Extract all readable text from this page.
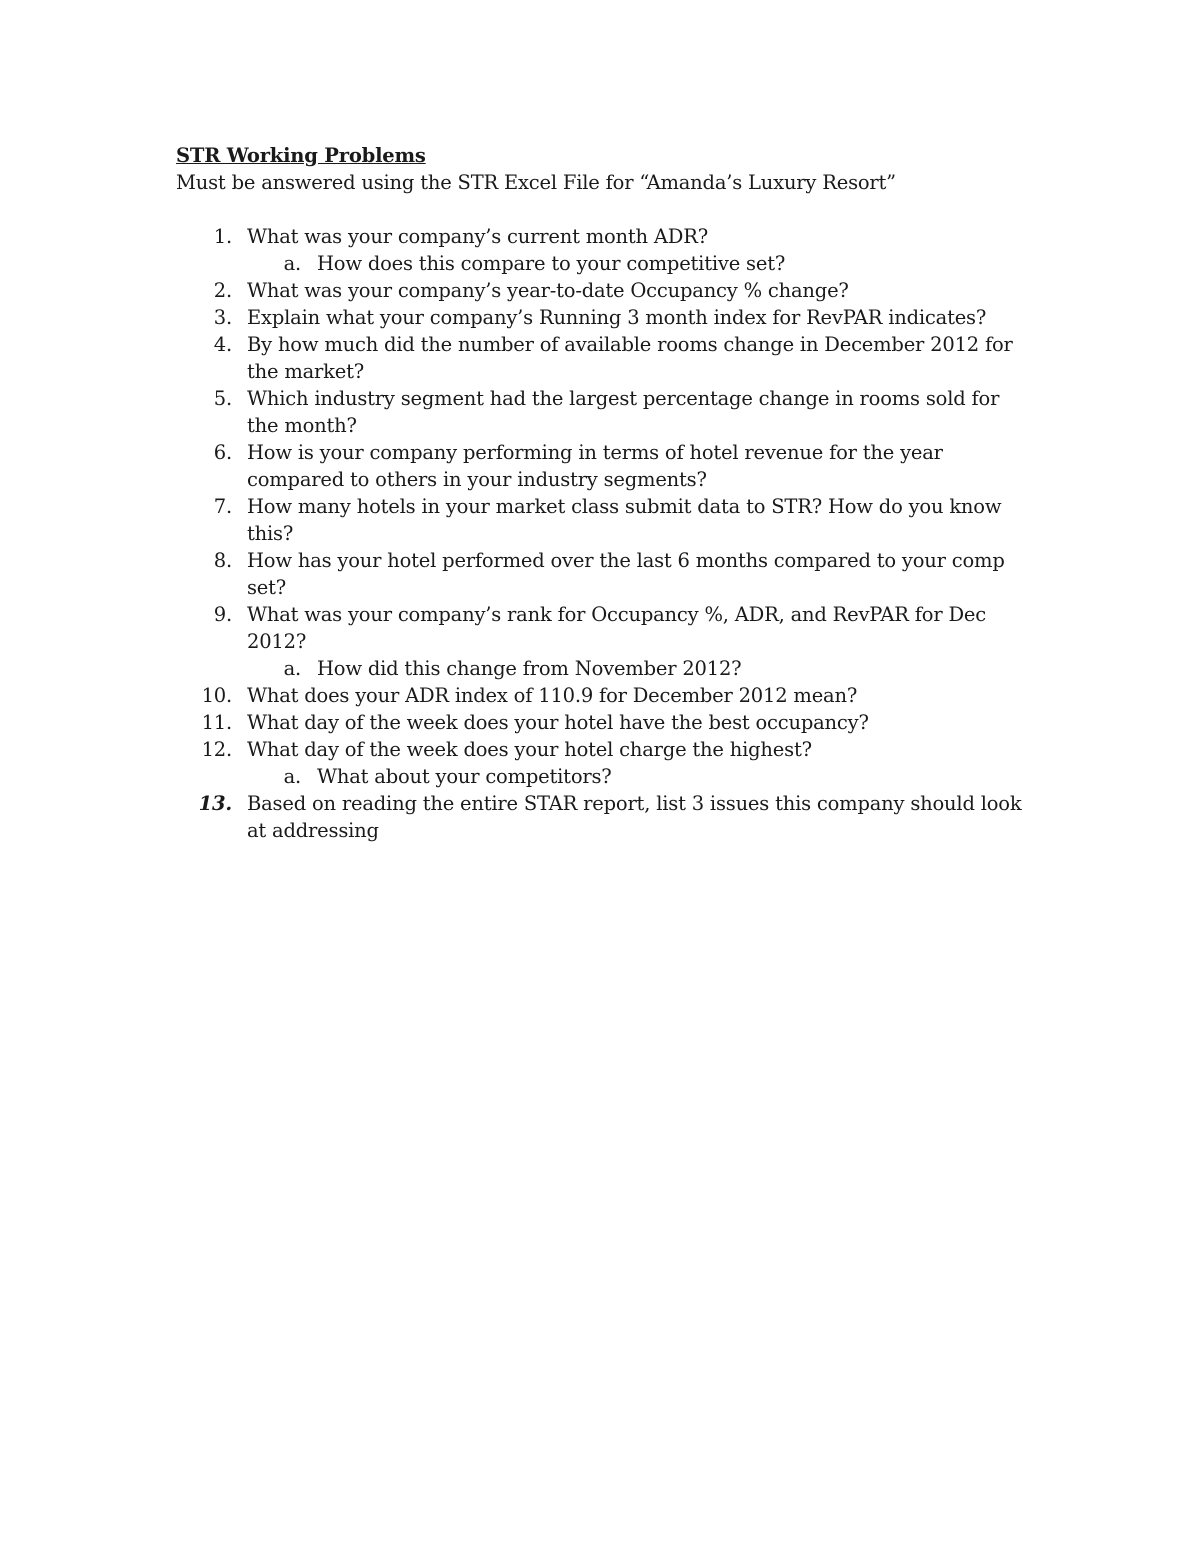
STR Working Problems

Must be answered using the STR Excel File for “Amanda’s Luxury Resort”

1. What was your company’s current month ADR?
a. How does this compare to your competitive set?
2. What was your company’s year-to-date Occupancy % change?
3. Explain what your company’s Running 3 month index for RevPAR indicates?
4. By how much did the number of available rooms change in December 2012 for the market?
5. Which industry segment had the largest percentage change in rooms sold for the month?
6. How is your company performing in terms of hotel revenue for the year compared to others in your industry segments?
7. How many hotels in your market class submit data to STR? How do you know this?
8. How has your hotel performed over the last 6 months compared to your comp set?
9. What was your company’s rank for Occupancy %, ADR, and RevPAR for Dec 2012?
a. How did this change from November 2012?
10. What does your ADR index of 110.9 for December 2012 mean?
11. What day of the week does your hotel have the best occupancy?
12. What day of the week does your hotel charge the highest?
a. What about your competitors?
13. Based on reading the entire STAR report, list 3 issues this company should look at addressing
